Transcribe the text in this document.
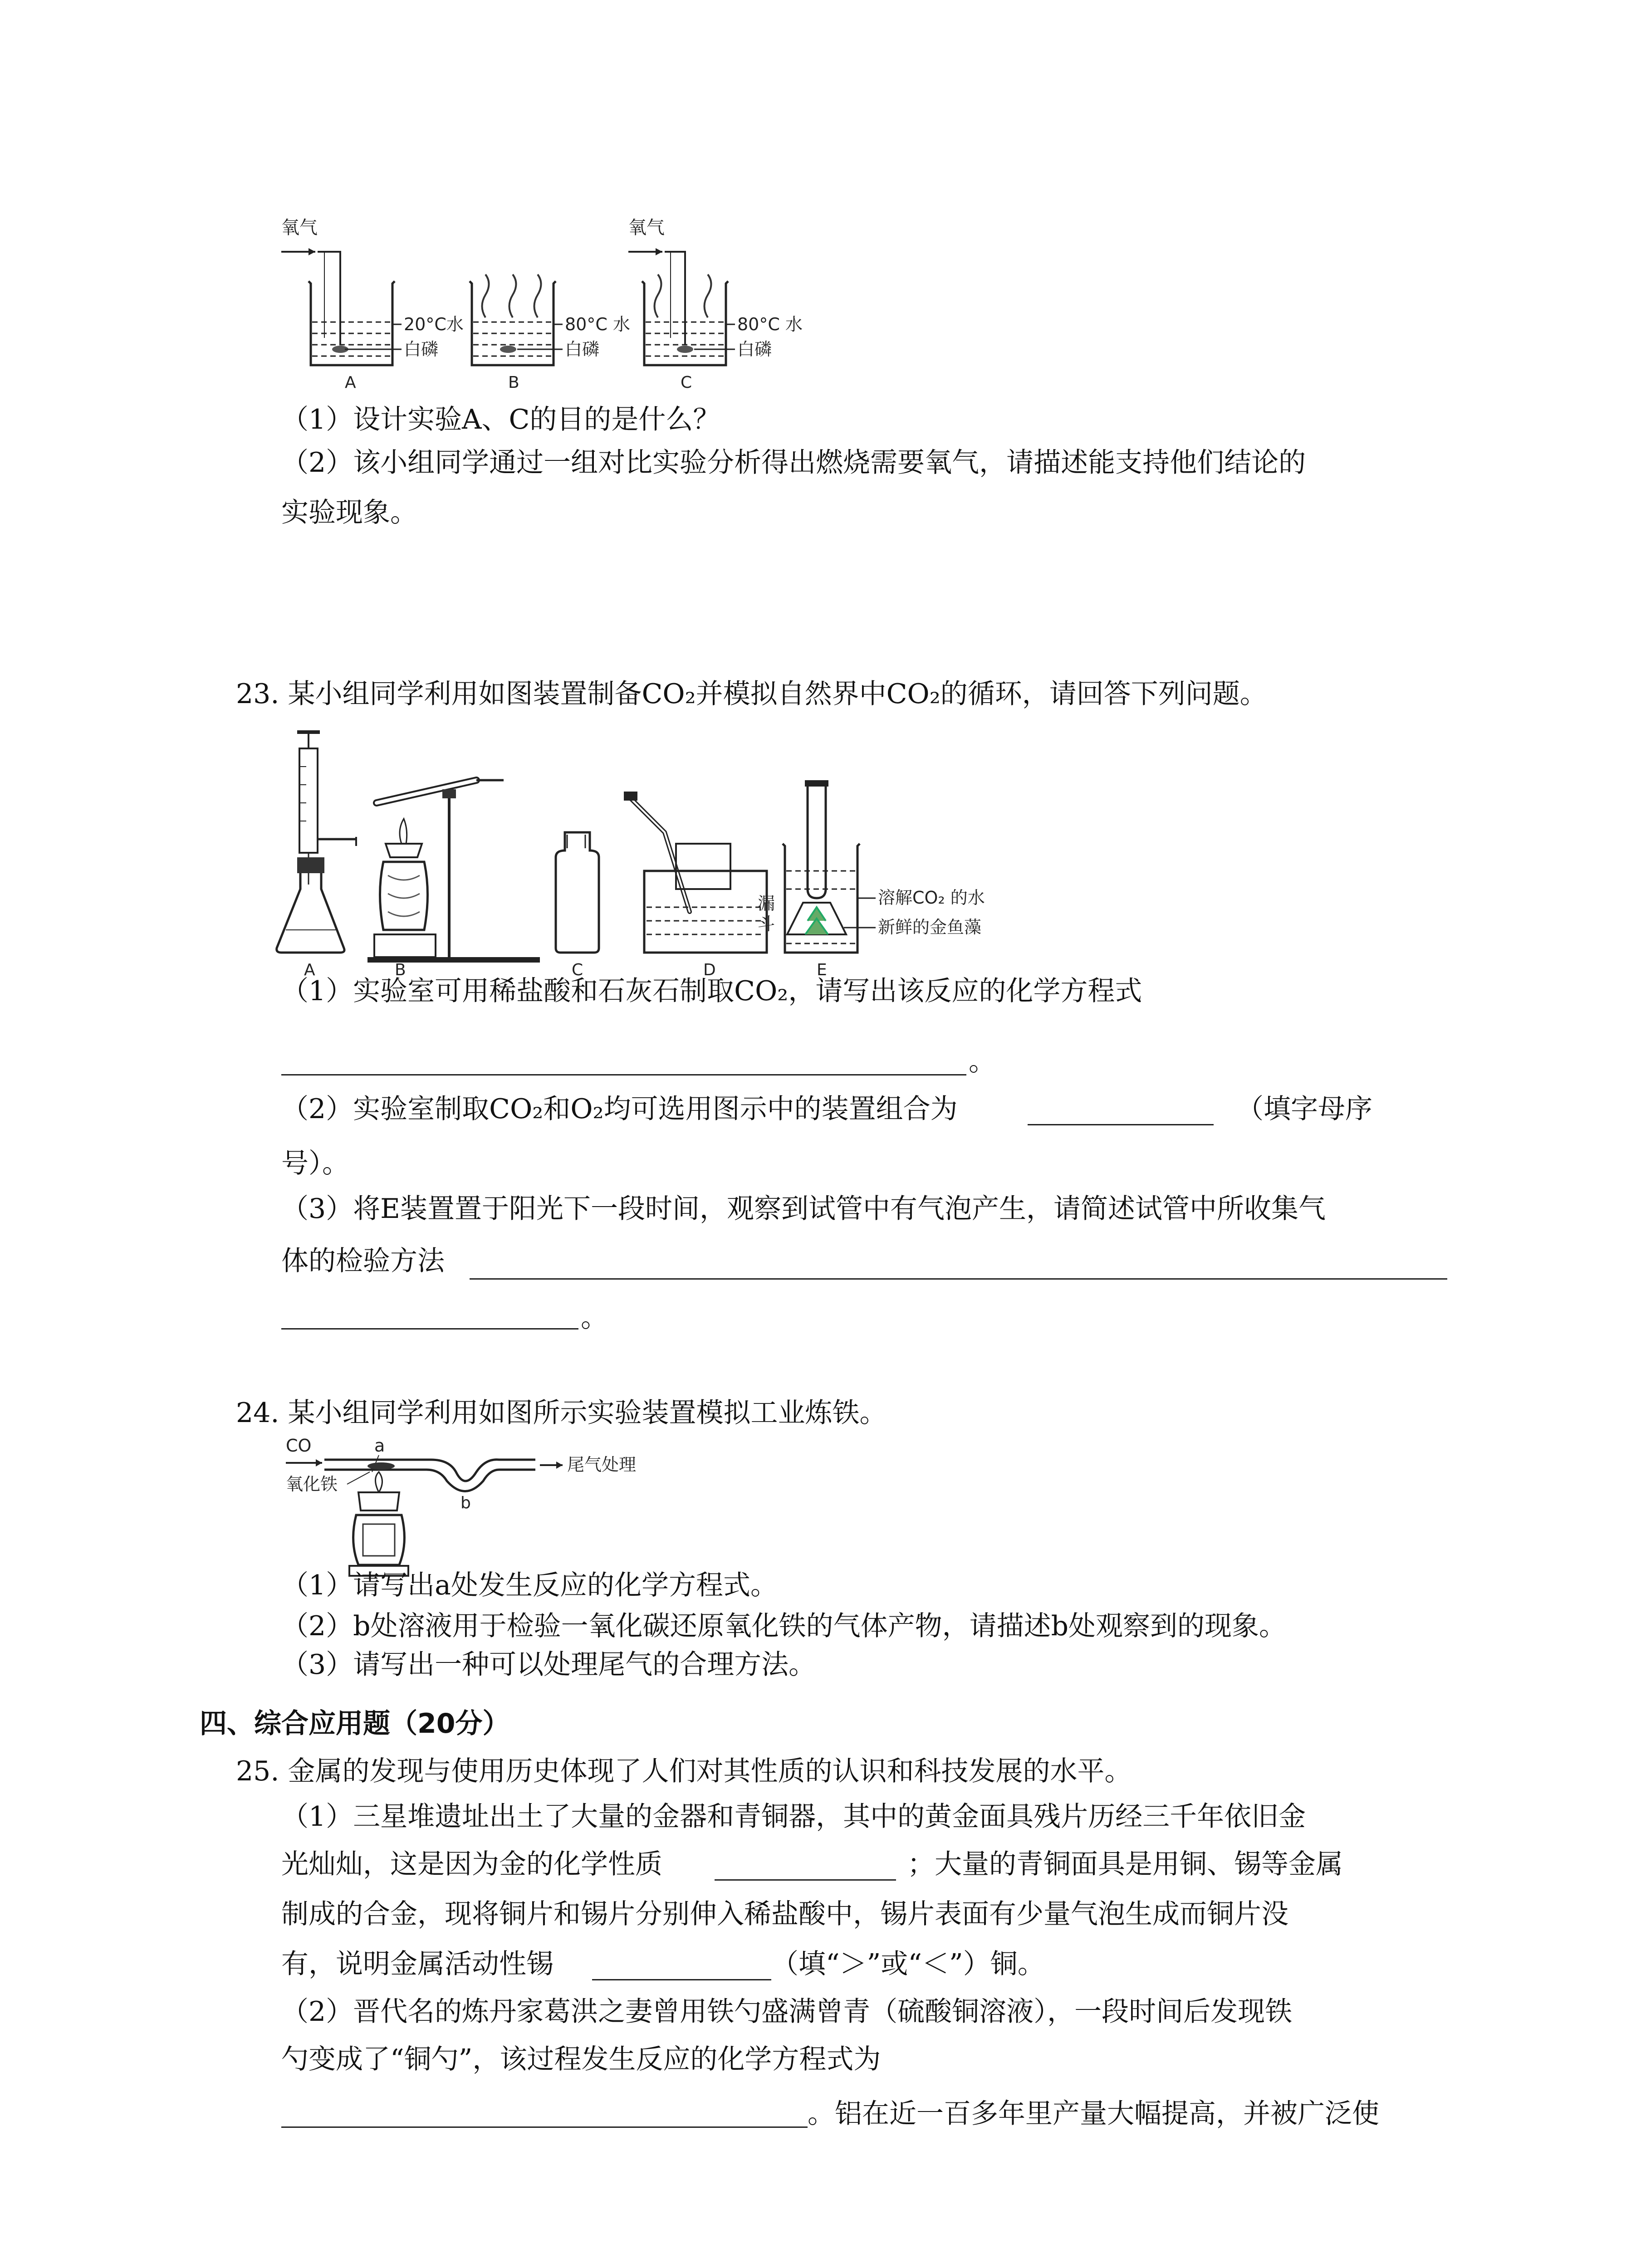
氧气
20°C水
白磷
A
80°C 水
白磷
B
氧气
80°C 水
白磷
C
（1）设计实验A、C的目的是什么？
（2）该小组同学通过一组对比实验分析得出燃烧需要氧气，请描述能支持他们结论的
实验现象。
23. 某小组同学利用如图装置制备CO₂并模拟自然界中CO₂的循环，请回答下列问题。
A	B	C	D
漏
斗
溶解CO₂ 的水
新鲜的金鱼藻
E
（1）实验室可用稀盐酸和石灰石制取CO₂，请写出该反应的化学方程式
。
（2）实验室制取CO₂和O₂均可选用图示中的装置组合为	（填字母序
号）。
（3）将E装置置于阳光下一段时间，观察到试管中有气泡产生，请简述试管中所收集气
体的检验方法
。
24. 某小组同学利用如图所示实验装置模拟工业炼铁。
CO	a
尾气处理
氧化铁
b
（1）请写出a处发生反应的化学方程式。
（2）b处溶液用于检验一氧化碳还原氧化铁的气体产物，请描述b处观察到的现象。
（3）请写出一种可以处理尾气的合理方法。
四、综合应用题（20分）
25. 金属的发现与使用历史体现了人们对其性质的认识和科技发展的水平。
（1）三星堆遗址出土了大量的金器和青铜器，其中的黄金面具残片历经三千年依旧金
光灿灿，这是因为金的化学性质	；大量的青铜面具是用铜、锡等金属
制成的合金，现将铜片和锡片分别伸入稀盐酸中，锡片表面有少量气泡生成而铜片没
有，说明金属活动性锡	（填“＞”或“＜”）铜。
（2）晋代名的炼丹家葛洪之妻曾用铁勺盛满曾青（硫酸铜溶液），一段时间后发现铁
勺变成了“铜勺”，该过程发生反应的化学方程式为
。铝在近一百多年里产量大幅提高，并被广泛使
